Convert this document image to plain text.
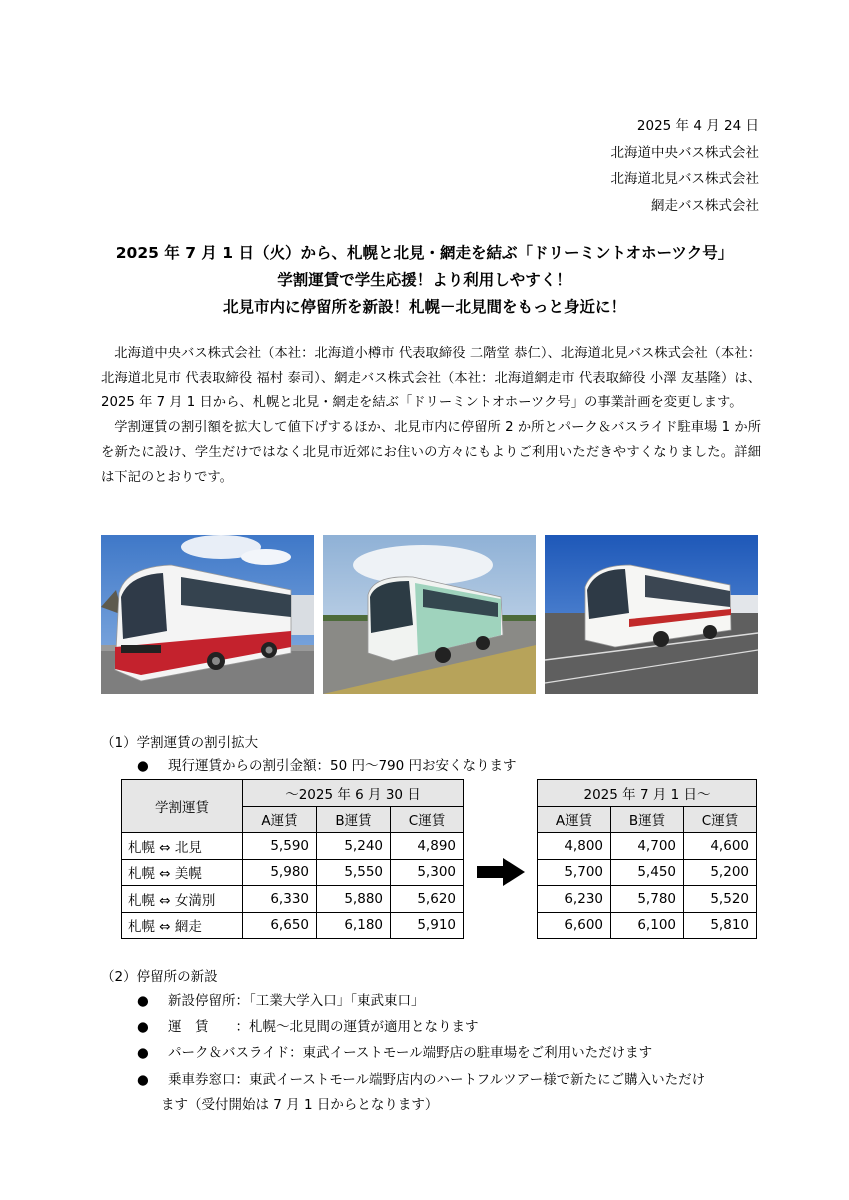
2025 年 4 月 24 日
北海道中央バス株式会社
北海道北見バス株式会社
網走バス株式会社
2025 年 7 月 1 日（火）から、札幌と北見・網走を結ぶ「ドリーミントオホーツク号」
学割運賃で学生応援！より利用しやすく！
北見市内に停留所を新設！札幌－北見間をもっと身近に！

北海道中央バス株式会社（本社：北海道小樽市 代表取締役 二階堂 恭仁）、北海道北見バス株式会社（本社：北海道北見市 代表取締役 福村 泰司）、網走バス株式会社（本社：北海道網走市 代表取締役 小澤 友基隆）は、2025 年 7 月 1 日から、札幌と北見・網走を結ぶ「ドリーミントオホーツク号」の事業計画を変更します。

学割運賃の割引額を拡大して値下げするほか、北見市内に停留所 2 か所とパーク＆バスライド駐車場 1 か所を新たに設け、学生だけではなく北見市近郊にお住いの方々にもよりご利用いただきやすくなりました。詳細は下記のとおりです。

（1）学割運賃の割引拡大
● 現行運賃からの割引金額：50 円～790 円お安くなります
学割運賃	～2025 年 6 月 30 日		
	A運賃	B運賃	C運賃
札幌 ⇔ 北見	5,590	5,240	4,890
札幌 ⇔ 美幌	5,980	5,550	5,300
札幌 ⇔ 女満別	6,330	5,880	5,620
札幌 ⇔ 網走	6,650	6,180	5,910
2025 年 7 月 1 日～		
A運賃	B運賃	C運賃
4,800	4,700	4,600
5,700	5,450	5,200
6,230	5,780	5,520
6,600	6,100	5,810
（2）停留所の新設
● 新設停留所：「工業大学入口」「東武東口」
● 運　賃　　：札幌～北見間の運賃が適用となります
● パーク＆バスライド：東武イーストモール端野店の駐車場をご利用いただけます
● 乗車券窓口：東武イーストモール端野店内のハートフルツアー様で新たにご購入いただけ
ます（受付開始は 7 月 1 日からとなります）
